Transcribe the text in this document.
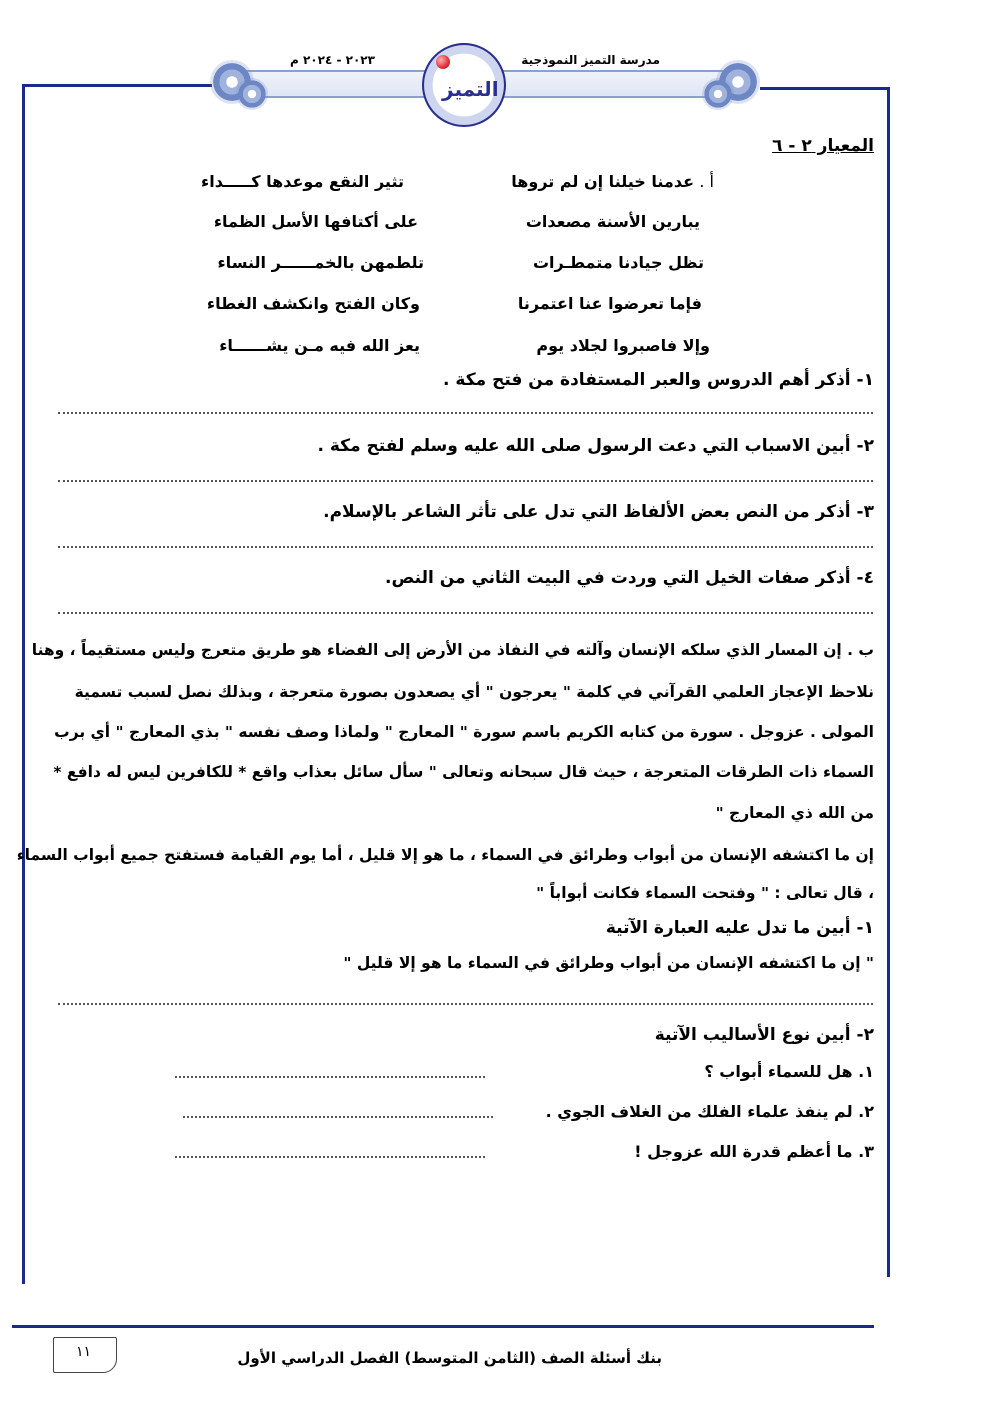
٢٠٢٣ - ٢٠٢٤ م	مدرسة التميز النموذجية
التميز
المعيار ٢ - ٦
أ .
عدمنا خيلنا إن لم تروها
تثير النقع موعدها كـــــداء
يبارين الأسنة مصعدات
على أكتافها الأسل الظماء
تظل جيادنا متمطـرات
تلطمهن بالخمــــــر النساء
فإما تعرضوا عنا اعتمرنا
وكان الفتح وانكشف الغطاء
وإلا فاصبروا لجلاد يوم
يعز الله فيه مـن يشــــــاء
١- أذكر أهم الدروس والعبر المستفادة من فتح مكة .
٢- أبين الاسباب التي دعت الرسول صلى الله عليه وسلم لفتح مكة .
٣- أذكر من النص بعض الألفاظ التي تدل على تأثر الشاعر بالإسلام.
٤- أذكر صفات الخيل التي وردت في البيت الثاني من النص.
ب . إن المسار الذي سلكه الإنسان وآلته في النفاذ من الأرض إلى الفضاء هو طريق متعرج وليس مستقيماً ، وهنا
نلاحظ الإعجاز العلمي القرآني في كلمة " يعرجون " أي يصعدون بصورة متعرجة ، وبذلك نصل لسبب تسمية
المولى . عزوجل . سورة من كتابه الكريم باسم سورة " المعارج " ولماذا وصف نفسه " بذي المعارج " أي برب
السماء ذات الطرقات المتعرجة ، حيث قال سبحانه وتعالى " سأل سائل بعذاب واقع * للكافرين ليس له دافع *
من الله ذي المعارج "
إن ما اكتشفه الإنسان من أبواب وطرائق في السماء ، ما هو إلا قليل ، أما يوم القيامة فستفتح جميع أبواب السماء
، قال تعالى : " وفتحت السماء فكانت أبواباً "
١- أبين ما تدل عليه العبارة الآتية
" إن ما اكتشفه الإنسان من أبواب وطرائق في السماء ما هو إلا قليل "
٢- أبين نوع الأساليب الآتية
١. هل للسماء أبواب ؟
٢. لم ينفذ علماء الفلك من الغلاف الجوي .
٣. ما أعظم قدرة الله عزوجل !
١١	بنك أسئلة الصف (الثامن المتوسط) الفصل الدراسي الأول
